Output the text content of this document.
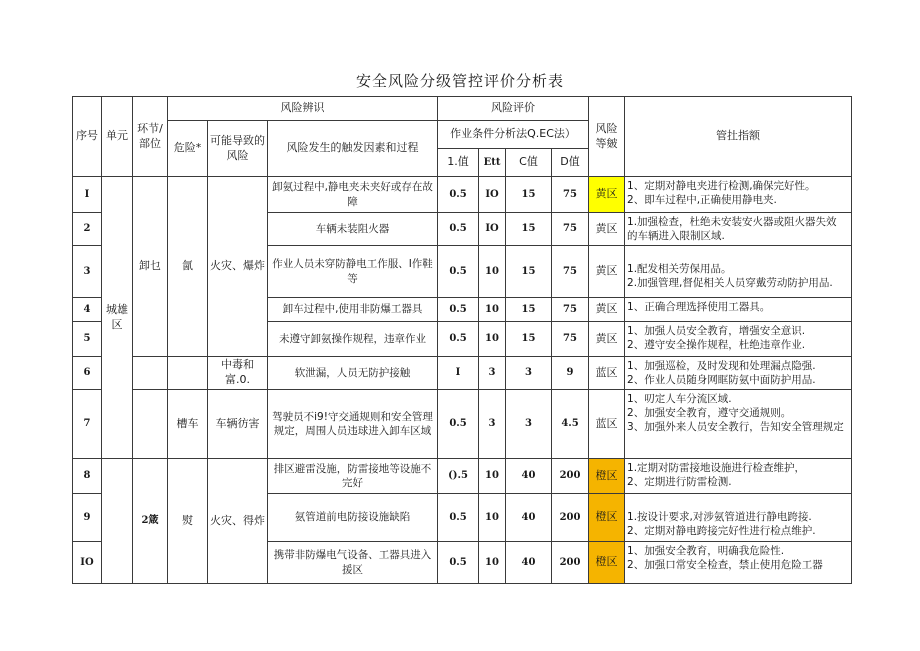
安全风险分级管控评价分析表
序号	单元	环节/部位	风险辨识			风险评价				风险等皴	管扗指额
			危险*	可能导致的风险	风险发生的触发因素和过程	作业条件分析法Q.EC法）					
						1.值	Ett	C值	D值		
I	城雄区	卸乜	氤	火灾、爆炸	卸氨过程中,静电夹未夹好或存在故障	0.5	IO	15	75	黄区	1、定期对静电夹进行检测,确保完好性。
2、即车过程中,正确使用静电夹.

2					车辆未装阻火器	0.5	IO	15	75	黄区	1.加强检查，杜绝未安装安火器或阻火器失效
的车辆进入限制区域.

3					作业人员未穿防静电工作服、I作鞋等	0.5	10	15	75	黄区	1.配发相关劳保用品。
2.加强管理,督促相关人员穿戴劳动防护用品.

4					卸车过程中,使用非防爆工器具	0.5	10	15	75	黄区	1、正确合理选择使用工器具。

5					未遵守卸氨操作规程，违章作业	0.5	10	15	75	黄区	1、加强人员安全教育，增强安全意识.
2、遵守安全操作规程，杜绝违章作业.

6				中毒和富.0.	软泄漏，人员无防护接触	I	3	3	9	蓝区	1、加强巡检，及时发现和处理漏点隐强.
2、作业人员随身网眶防氨中面防护用品.

7			槽车	车辆彷害	驾驶员不i9!守交通规则和安全管理规定，周围人员违球进入卸车区域	0.5	3	3	4.5	蓝区	1、叨定人车分流区域.
2、加强安全教育，遵守交通规则。
3、加强外来人员安全教行，告知安全管理规定

8		2箴	熨	火灾、得炸	排区避雷没施，防雷接地等设施不完好	().5	10	40	200	橙区	1.定期对防雷接地设施进行检查维护，
2、定期进行防雷检测.

9					氨管道前电防接设施缺陷	0.5	10	40	200	橙区	1.按设计要求,对涉氨管道进行静电跨接.
2、定期对静电跨接完好性进行检点维护.

IO					携带非防爆电气设备、工器具进入援区	0.5	10	40	200	橙区	1、加强安全教育，明确我危险性.
2、加强口常安全检查，禁止使用危险工器
